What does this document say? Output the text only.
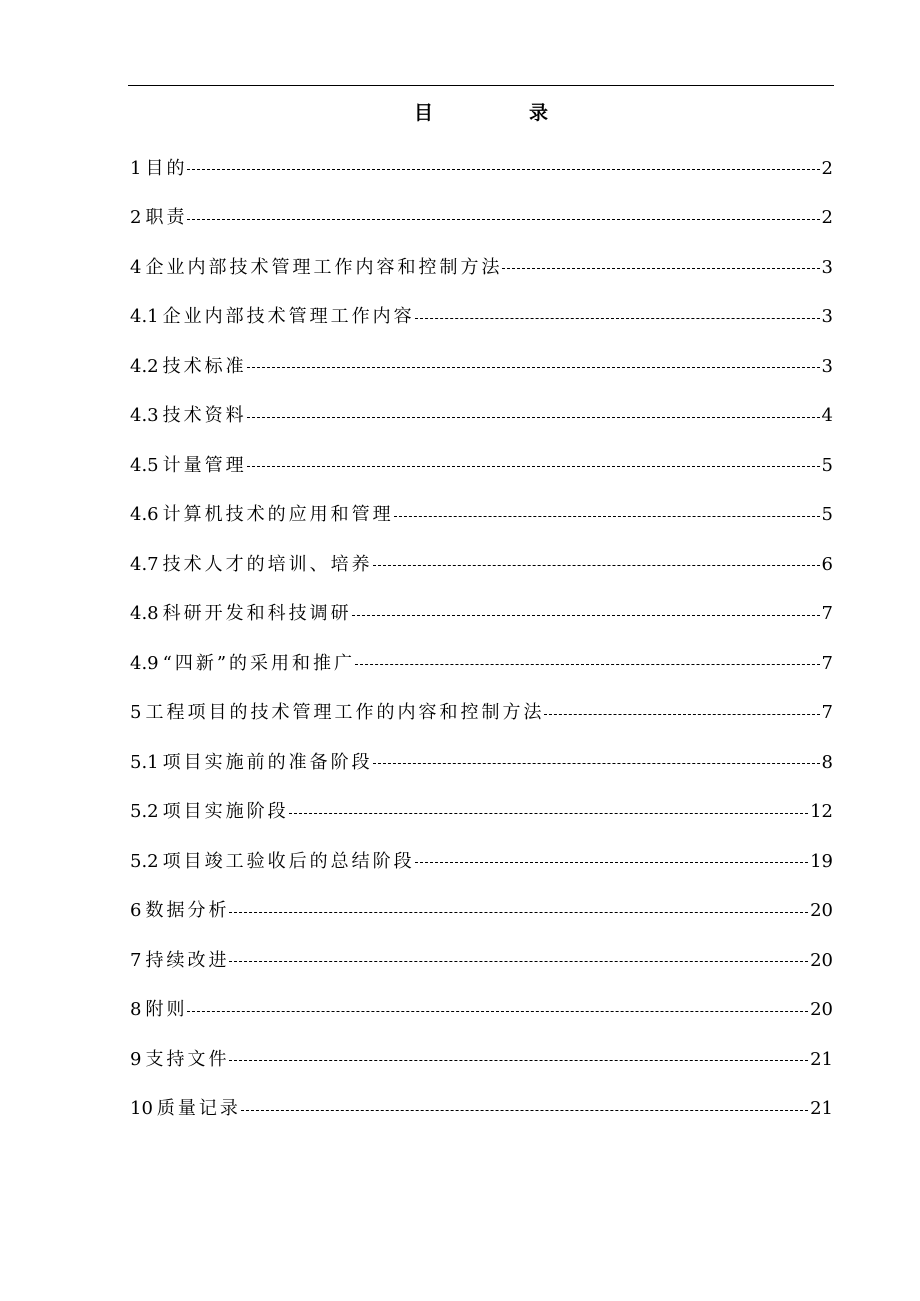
目	录
1 目的	2
2 职责	2
4 企业内部技术管理工作内容和控制方法	3
4.1 企业内部技术管理工作内容	3
4.2 技术标准	3
4.3 技术资料	4
4.5 计量管理	5
4.6 计算机技术的应用和管理	5
4.7 技术人才的培训、培养	6
4.8 科研开发和科技调研	7
4.9 “四新”的采用和推广	7
5 工程项目的技术管理工作的内容和控制方法	7
5.1 项目实施前的准备阶段	8
5.2 项目实施阶段	12
5.2 项目竣工验收后的总结阶段	19
6 数据分析	20
7 持续改进	20
8 附则	20
9 支持文件	21
10 质量记录	21
